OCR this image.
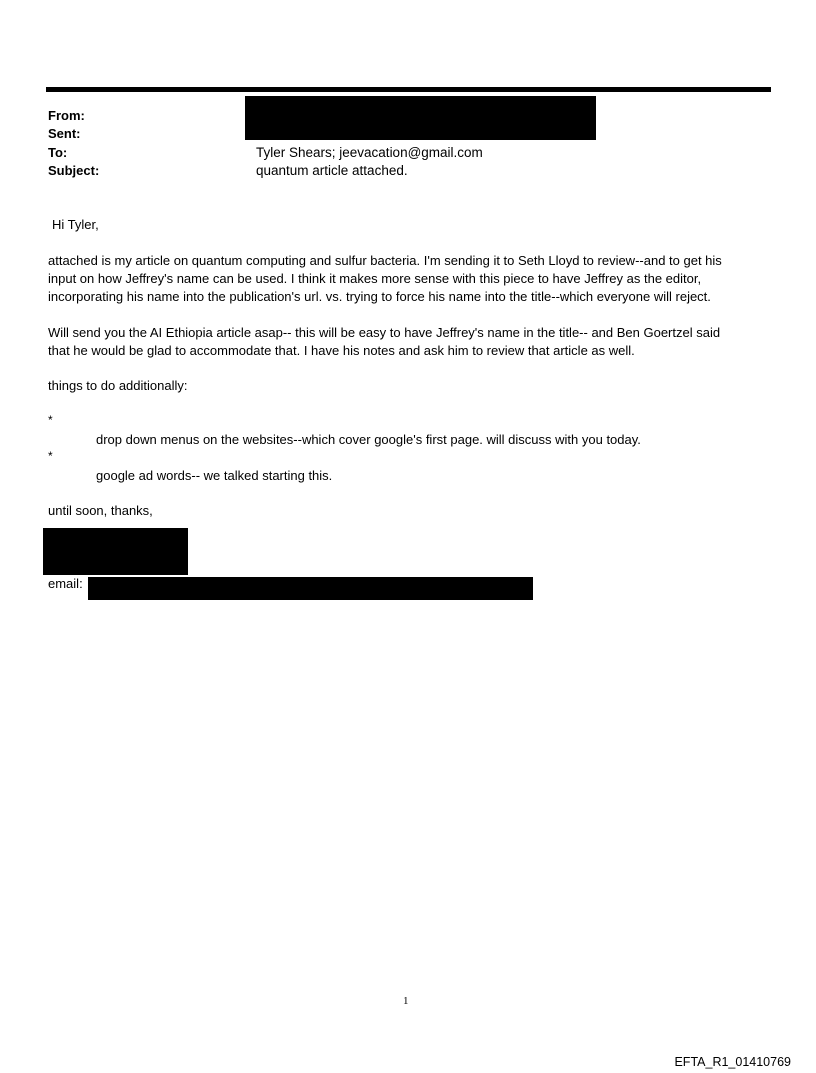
From:
Sent:
To:
Subject:
Tyler Shears; jeevacation@gmail.com
quantum article attached.
Hi Tyler,
attached is my article on quantum computing and sulfur bacteria. I'm sending it to Seth Lloyd to review--and to get his
input on how Jeffrey's name can be used. I think it makes more sense with this piece to have Jeffrey as the editor,
incorporating his name into the publication's url. vs. trying to force his name into the title--which everyone will reject.
Will send you the AI Ethiopia article asap-- this will be easy to have Jeffrey's name in the title-- and Ben Goertzel said
that he would be glad to accommodate that. I have his notes and ask him to review that article as well.
things to do additionally:
*
drop down menus on the websites--which cover google's first page. will discuss with you today.
*
google ad words-- we talked starting this.
until soon, thanks,
email:
1
EFTA_R1_01410769
